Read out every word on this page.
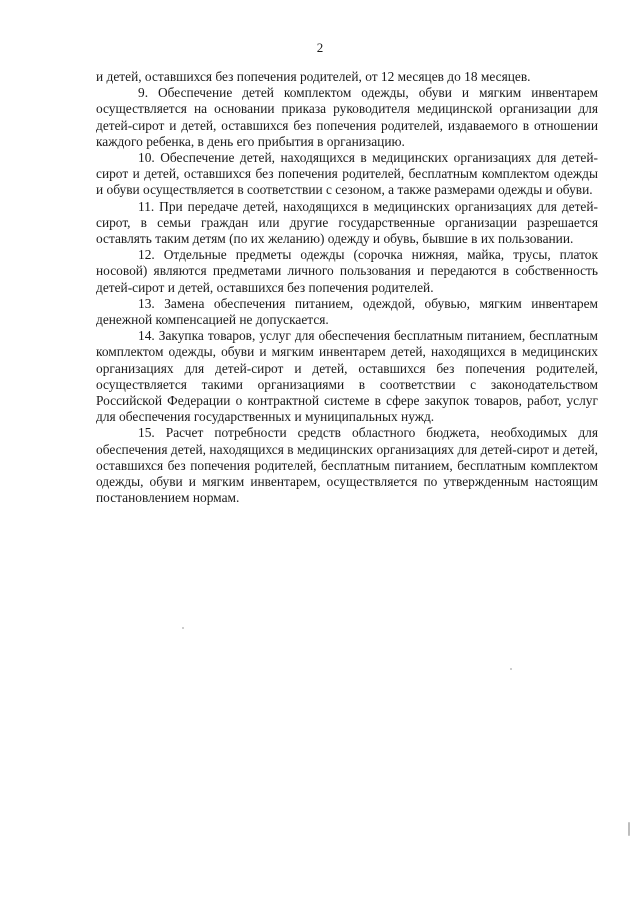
2

и детей, оставшихся без попечения родителей, от 12 месяцев до 18 месяцев.

9. Обеспечение детей комплектом одежды, обуви и мягким инвентарем осуществляется на основании приказа руководителя медицинской организации для детей-сирот и детей, оставшихся без попечения родителей, издаваемого в отношении каждого ребенка, в день его прибытия в организацию.

10. Обеспечение детей, находящихся в медицинских организациях для детей-сирот и детей, оставшихся без попечения родителей, бесплатным комплектом одежды и обуви осуществляется в соответствии с сезоном, а также размерами одежды и обуви.

11. При передаче детей, находящихся в медицинских организациях для детей-сирот, в семьи граждан или другие государственные организации разрешается оставлять таким детям (по их желанию) одежду и обувь, бывшие в их пользовании.

12. Отдельные предметы одежды (сорочка нижняя, майка, трусы, платок носовой) являются предметами личного пользования и передаются в собственность детей-сирот и детей, оставшихся без попечения родителей.

13. Замена обеспечения питанием, одеждой, обувью, мягким инвентарем денежной компенсацией не допускается.

14. Закупка товаров, услуг для обеспечения бесплатным питанием, бесплатным комплектом одежды, обуви и мягким инвентарем детей, находящихся в медицинских организациях для детей-сирот и детей, оставшихся без попечения родителей, осуществляется такими организациями в соответствии с законодательством Российской Федерации о контрактной системе в сфере закупок товаров, работ, услуг для обеспечения государственных и муниципальных нужд.

15. Расчет потребности средств областного бюджета, необходимых для обеспечения детей, находящихся в медицинских организациях для детей-сирот и детей, оставшихся без попечения родителей, бесплатным питанием, бесплатным комплектом одежды, обуви и мягким инвентарем, осуществляется по утвержденным настоящим постановлением нормам.
